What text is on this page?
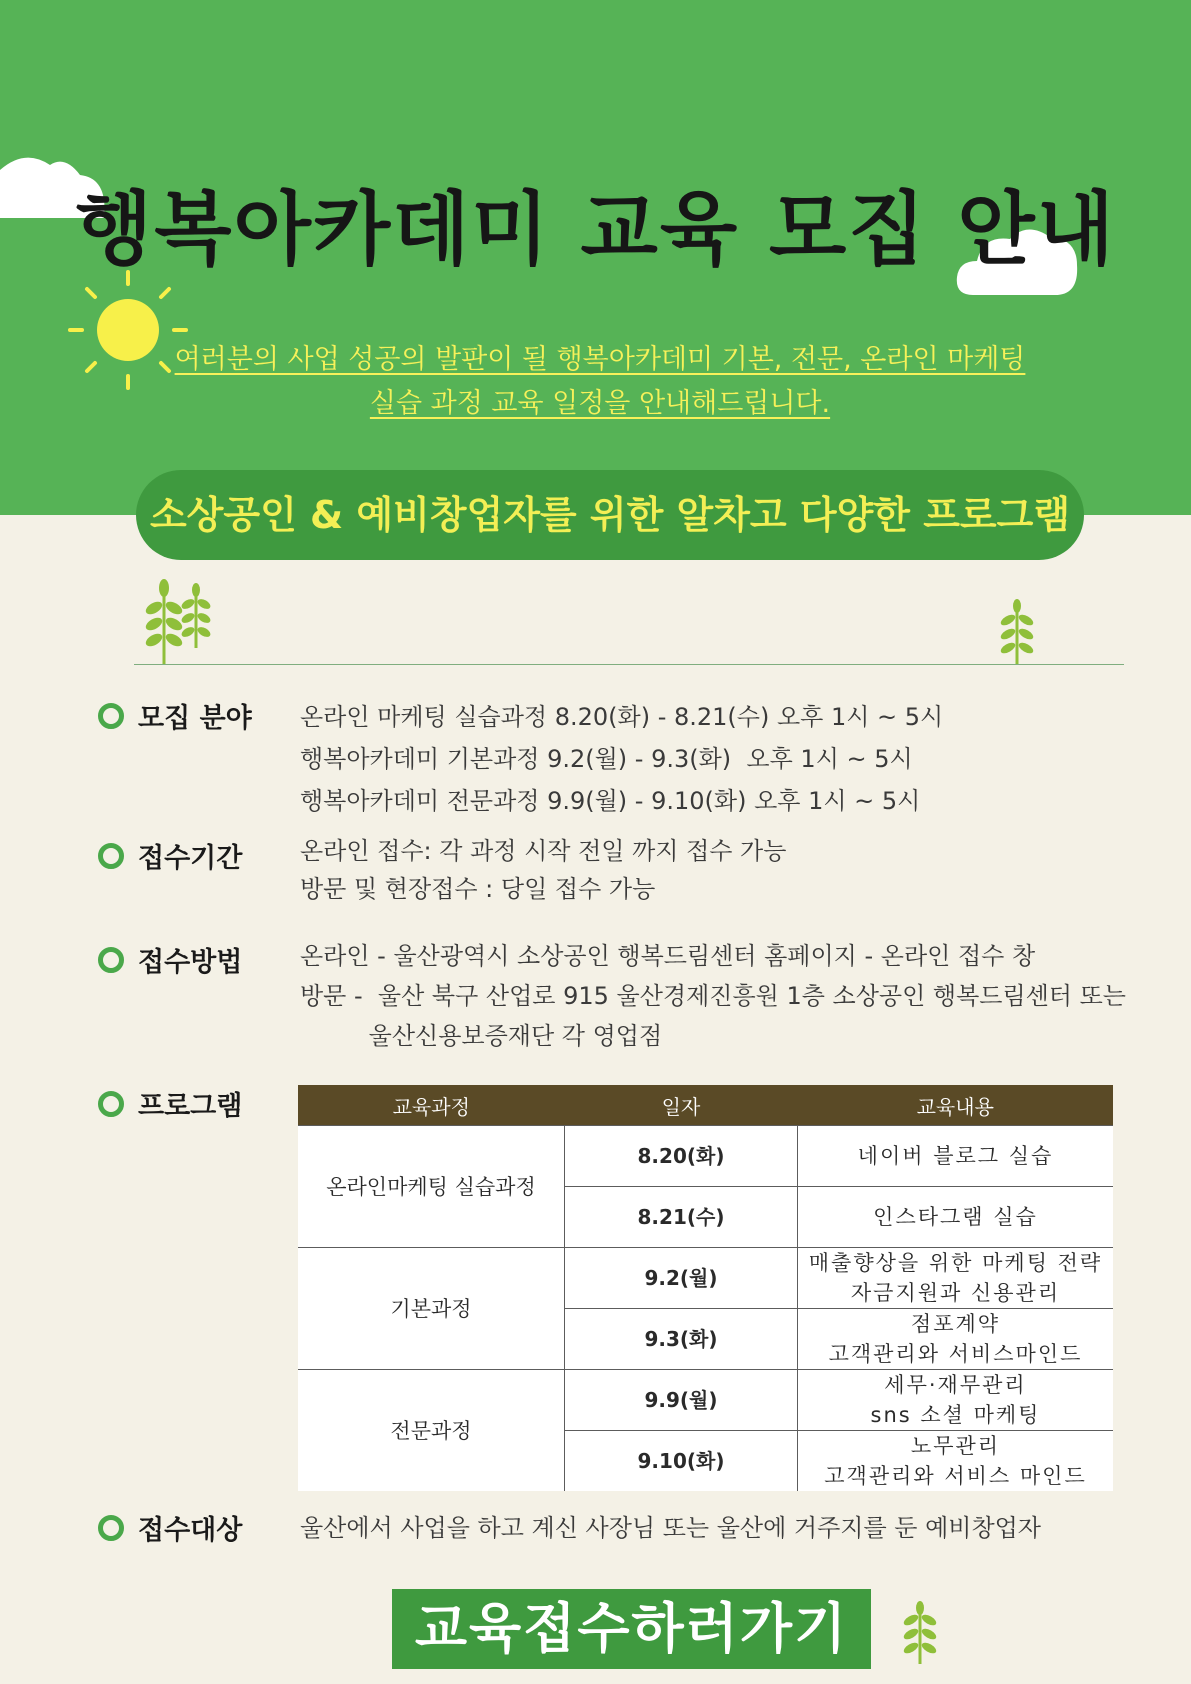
행복아카데미 교육 모집 안내
여러분의 사업 성공의 발판이 될 행복아카데미 기본, 전문, 온라인 마케팅
실습 과정 교육 일정을 안내해드립니다.
소상공인 & 예비창업자를 위한 알차고 다양한 프로그램
모집 분야 온라인 마케팅 실습과정 8.20(화) - 8.21(수) 오후 1시 ~ 5시
행복아카데미 기본과정 9.2(월) - 9.3(화)  오후 1시 ~ 5시
행복아카데미 전문과정 9.9(월) - 9.10(화) 오후 1시 ~ 5시
접수기간 온라인 접수: 각 과정 시작 전일 까지 접수 가능
방문 및 현장접수 : 당일 접수 가능
접수방법 온라인 - 울산광역시 소상공인 행복드림센터 홈페이지 - 온라인 접수 창
방문 -  울산 북구 산업로 915 울산경제진흥원 1층 소상공인 행복드림센터 또는
울산신용보증재단 각 영업점
프로그램	교육과정	일자	교육내용
온라인마케팅 실습과정	8.20(화)	네이버 블로그 실습

	8.21(수)	인스타그램 실습

기본과정	9.2(월)	매출향상을 위한 마케팅 전략
자금지원과 신용관리

	9.3(화)	점포계약
고객관리와 서비스마인드

전문과정	9.9(월)	세무·재무관리
sns 소셜 마케팅

	9.10(화)	노무관리
고객관리와 서비스 마인드
접수대상 울산에서 사업을 하고 계신 사장님 또는 울산에 거주지를 둔 예비창업자
교육접수하러가기
